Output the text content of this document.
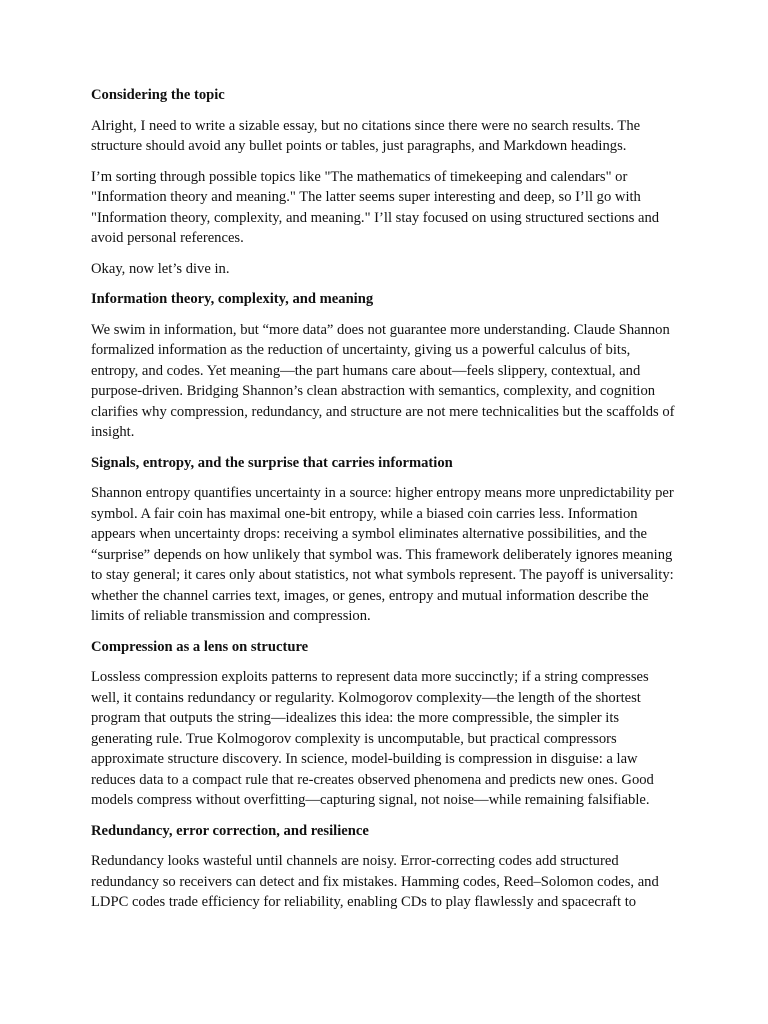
Considering the topic

Alright, I need to write a sizable essay, but no citations since there were no search results. The structure should avoid any bullet points or tables, just paragraphs, and Markdown headings.

I’m sorting through possible topics like "The mathematics of timekeeping and calendars" or "Information theory and meaning." The latter seems super interesting and deep, so I’ll go with "Information theory, complexity, and meaning." I’ll stay focused on using structured sections and avoid personal references.

Okay, now let’s dive in.

Information theory, complexity, and meaning

We swim in information, but “more data” does not guarantee more understanding. Claude Shannon formalized information as the reduction of uncertainty, giving us a powerful calculus of bits, entropy, and codes. Yet meaning—the part humans care about—feels slippery, contextual, and purpose-driven. Bridging Shannon’s clean abstraction with semantics, complexity, and cognition clarifies why compression, redundancy, and structure are not mere technicalities but the scaffolds of insight.

Signals, entropy, and the surprise that carries information

Shannon entropy quantifies uncertainty in a source: higher entropy means more unpredictability per symbol. A fair coin has maximal one-bit entropy, while a biased coin carries less. Information appears when uncertainty drops: receiving a symbol eliminates alternative possibilities, and the “surprise” depends on how unlikely that symbol was. This framework deliberately ignores meaning to stay general; it cares only about statistics, not what symbols represent. The payoff is universality: whether the channel carries text, images, or genes, entropy and mutual information describe the limits of reliable transmission and compression.

Compression as a lens on structure

Lossless compression exploits patterns to represent data more succinctly; if a string compresses well, it contains redundancy or regularity. Kolmogorov complexity—the length of the shortest program that outputs the string—idealizes this idea: the more compressible, the simpler its generating rule. True Kolmogorov complexity is uncomputable, but practical compressors approximate structure discovery. In science, model-building is compression in disguise: a law reduces data to a compact rule that re-creates observed phenomena and predicts new ones. Good models compress without overfitting—capturing signal, not noise—while remaining falsifiable.

Redundancy, error correction, and resilience

Redundancy looks wasteful until channels are noisy. Error-correcting codes add structured redundancy so receivers can detect and fix mistakes. Hamming codes, Reed–Solomon codes, and LDPC codes trade efficiency for reliability, enabling CDs to play flawlessly and spacecraft to
